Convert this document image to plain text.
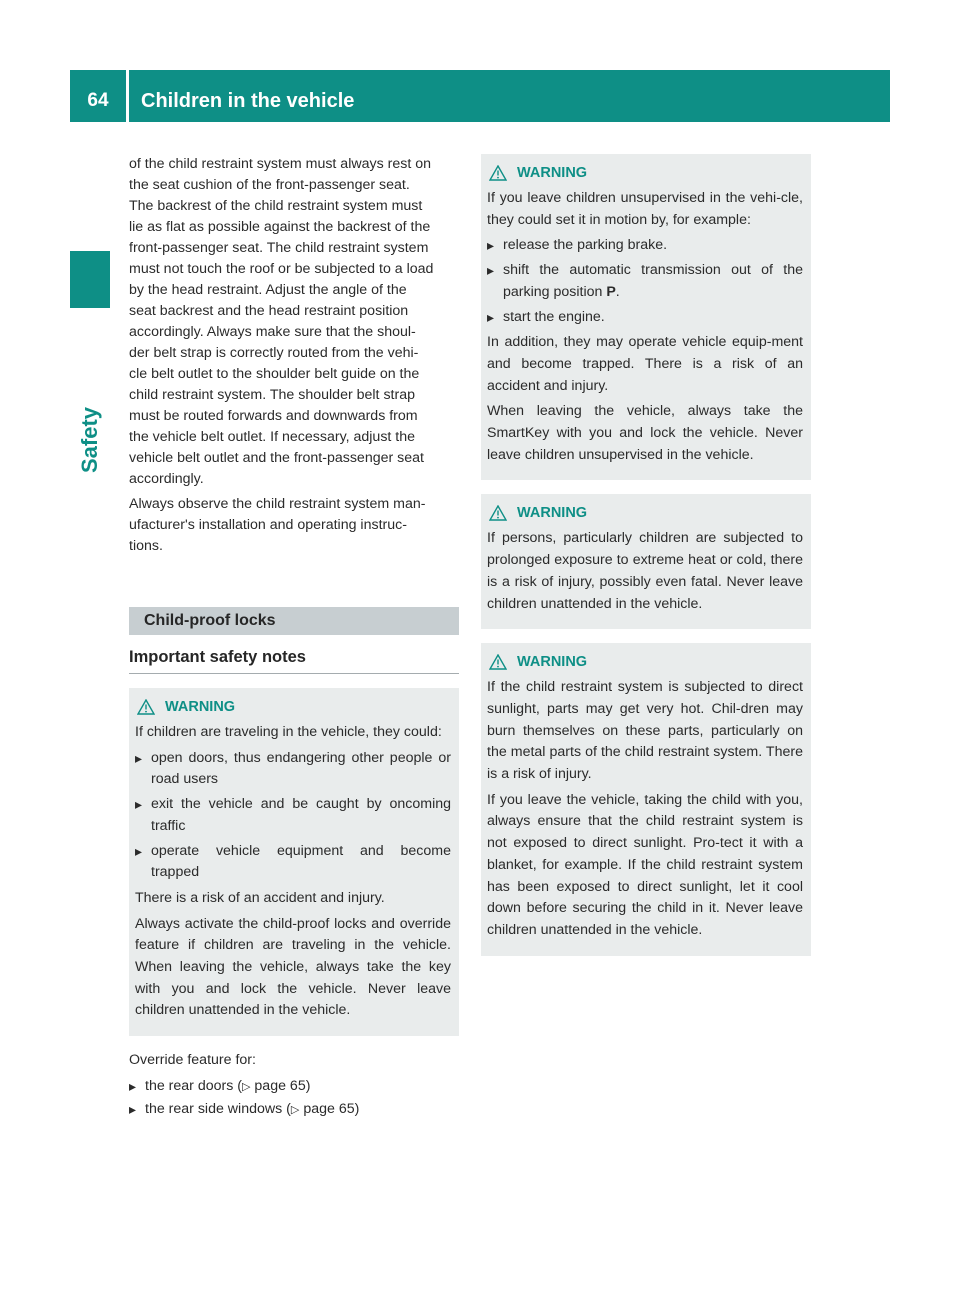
64	Children in the vehicle
Safety

of the child restraint system must always rest on
the seat cushion of the front-passenger seat.
The backrest of the child restraint system must
lie as flat as possible against the backrest of the
front-passenger seat. The child restraint system
must not touch the roof or be subjected to a load
by the head restraint. Adjust the angle of the
seat backrest and the head restraint position
accordingly. Always make sure that the shoul-
der belt strap is correctly routed from the vehi-
cle belt outlet to the shoulder belt guide on the
child restraint system. The shoulder belt strap
must be routed forwards and downwards from
the vehicle belt outlet. If necessary, adjust the
vehicle belt outlet and the front-passenger seat
accordingly.

Always observe the child restraint system man-
ufacturer's installation and operating instruc-
tions.

Child-proof locks
Important safety notes
WARNING

If children are traveling in the vehicle, they could:

▸ open doors, thus endangering other people or road users
▸ exit the vehicle and be caught by oncoming traffic
▸ operate vehicle equipment and become trapped

There is a risk of an accident and injury.

Always activate the child-proof locks and override feature if children are traveling in the vehicle. When leaving the vehicle, always take the key with you and lock the vehicle. Never leave children unattended in the vehicle.

Override feature for:

▸ the rear doors (▷ page 65)
▸ the rear side windows (▷ page 65)
WARNING

If you leave children unsupervised in the vehi-cle, they could set it in motion by, for example:

▸ release the parking brake.
▸ shift the automatic transmission out of the parking position P.
▸ start the engine.

In addition, they may operate vehicle equip-ment and become trapped. There is a risk of an accident and injury.

When leaving the vehicle, always take the SmartKey with you and lock the vehicle. Never leave children unsupervised in the vehicle.

WARNING

If persons, particularly children are subjected to prolonged exposure to extreme heat or cold, there is a risk of injury, possibly even fatal. Never leave children unattended in the vehicle.

WARNING

If the child restraint system is subjected to direct sunlight, parts may get very hot. Chil-dren may burn themselves on these parts, particularly on the metal parts of the child restraint system. There is a risk of injury.

If you leave the vehicle, taking the child with you, always ensure that the child restraint system is not exposed to direct sunlight. Pro-tect it with a blanket, for example. If the child restraint system has been exposed to direct sunlight, let it cool down before securing the child in it. Never leave children unattended in the vehicle.
